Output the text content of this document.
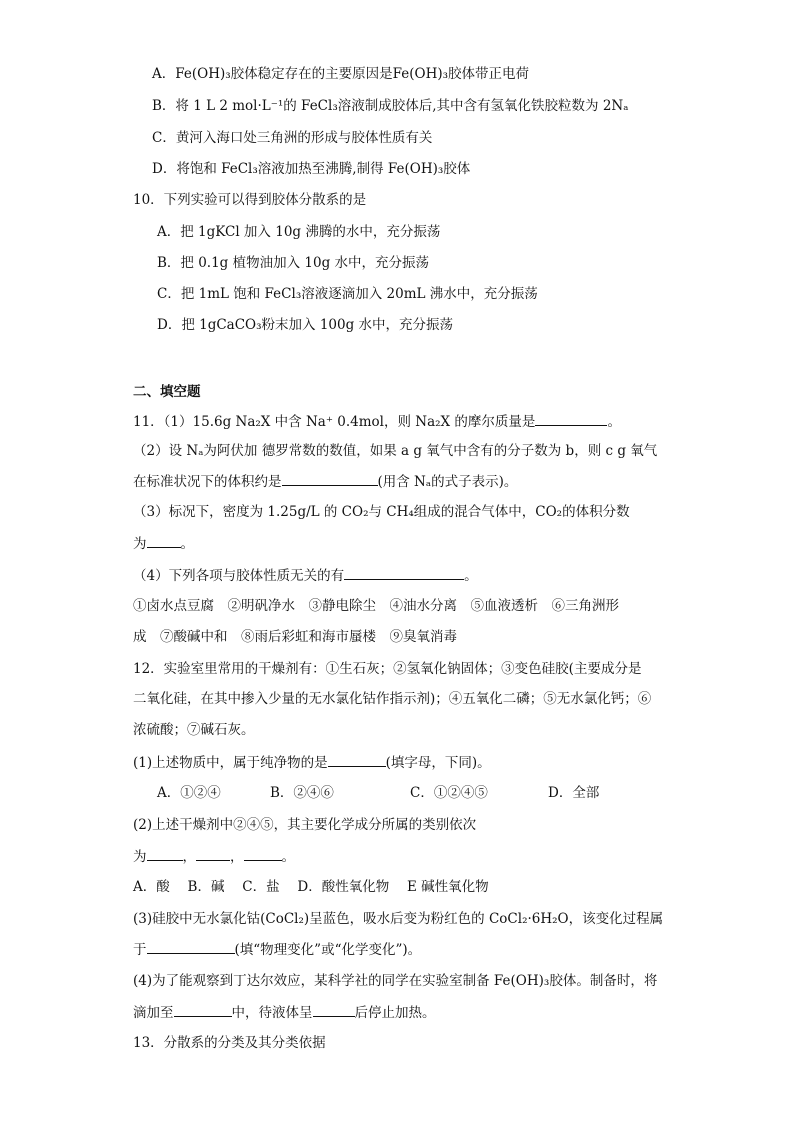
A．Fe(OH)₃胶体稳定存在的主要原因是Fe(OH)₃胶体带正电荷
B．将 1 L 2 mol·L⁻¹的 FeCl₃溶液制成胶体后,其中含有氢氧化铁胶粒数为 2Nₐ
C．黄河入海口处三角洲的形成与胶体性质有关
D．将饱和 FeCl₃溶液加热至沸腾,制得 Fe(OH)₃胶体
10．下列实验可以得到胶体分散系的是
A．把 1gKCl 加入 10g 沸腾的水中，充分振荡
B．把 0.1g 植物油加入 10g 水中，充分振荡
C．把 1mL 饱和 FeCl₃溶液逐滴加入 20mL 沸水中，充分振荡
D．把 1gCaCO₃粉末加入 100g 水中，充分振荡
二、填空题
11．（1）15.6g Na₂X 中含 Na⁺ 0.4mol，则 Na₂X 的摩尔质量是	。
（2）设 Nₐ为阿伏加 德罗常数的数值，如果 a g 氧气中含有的分子数为 b，则 c g 氧气
在标准状况下的体积约是	(用含 Nₐ的式子表示)。
（3）标况下，密度为 1.25g/L 的 CO₂与 CH₄组成的混合气体中，CO₂的体积分数
为	。
（4）下列各项与胶体性质无关的有	。
①卤水点豆腐　②明矾净水　③静电除尘　④油水分离　⑤血液透析　⑥三角洲形
成　⑦酸碱中和　⑧雨后彩虹和海市蜃楼　⑨臭氧消毒
12．实验室里常用的干燥剂有：①生石灰；②氢氧化钠固体；③变色硅胶(主要成分是
二氧化硅，在其中掺入少量的无水氯化钴作指示剂)；④五氧化二磷；⑤无水氯化钙；⑥
浓硫酸；⑦碱石灰。
(1)上述物质中，属于纯净物的是	(填字母，下同)。
A．①②④	B．②④⑥	C．①②④⑤	D．全部
(2)上述干燥剂中②④⑤，其主要化学成分所属的类别依次
为	，	，	。
A．酸　 B．碱　 C．盐　 D．酸性氧化物　 E 碱性氧化物
(3)硅胶中无水氯化钴(CoCl₂)呈蓝色，吸水后变为粉红色的 CoCl₂·6H₂O，该变化过程属
于	(填“物理变化”或“化学变化”)。
(4)为了能观察到丁达尔效应，某科学社的同学在实验室制备 Fe(OH)₃胶体。制备时，将
滴加至	中，待液体呈	后停止加热。
13．分散系的分类及其分类依据
